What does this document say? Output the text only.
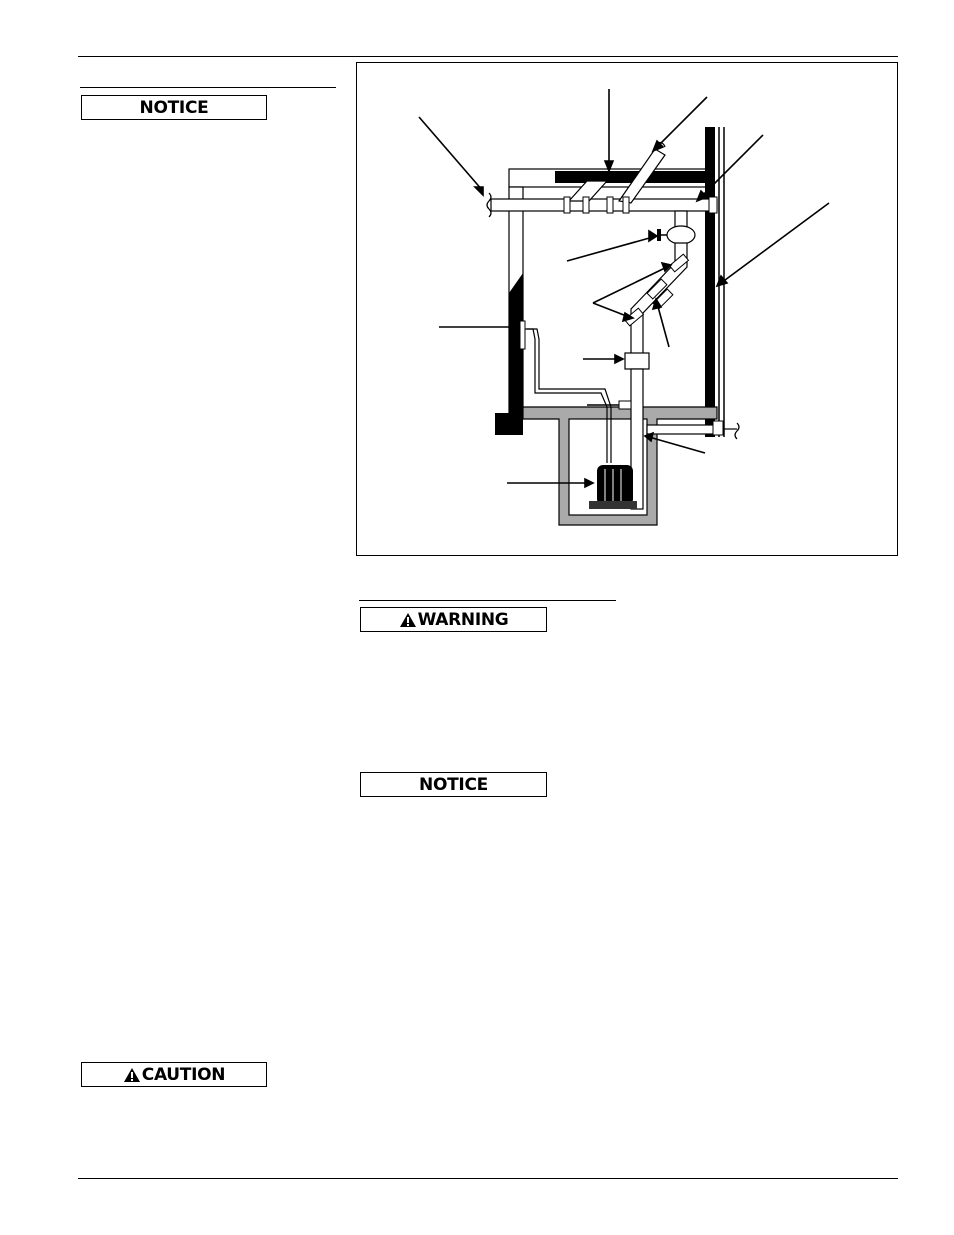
NOTICE
WARNING
NOTICE
CAUTION
